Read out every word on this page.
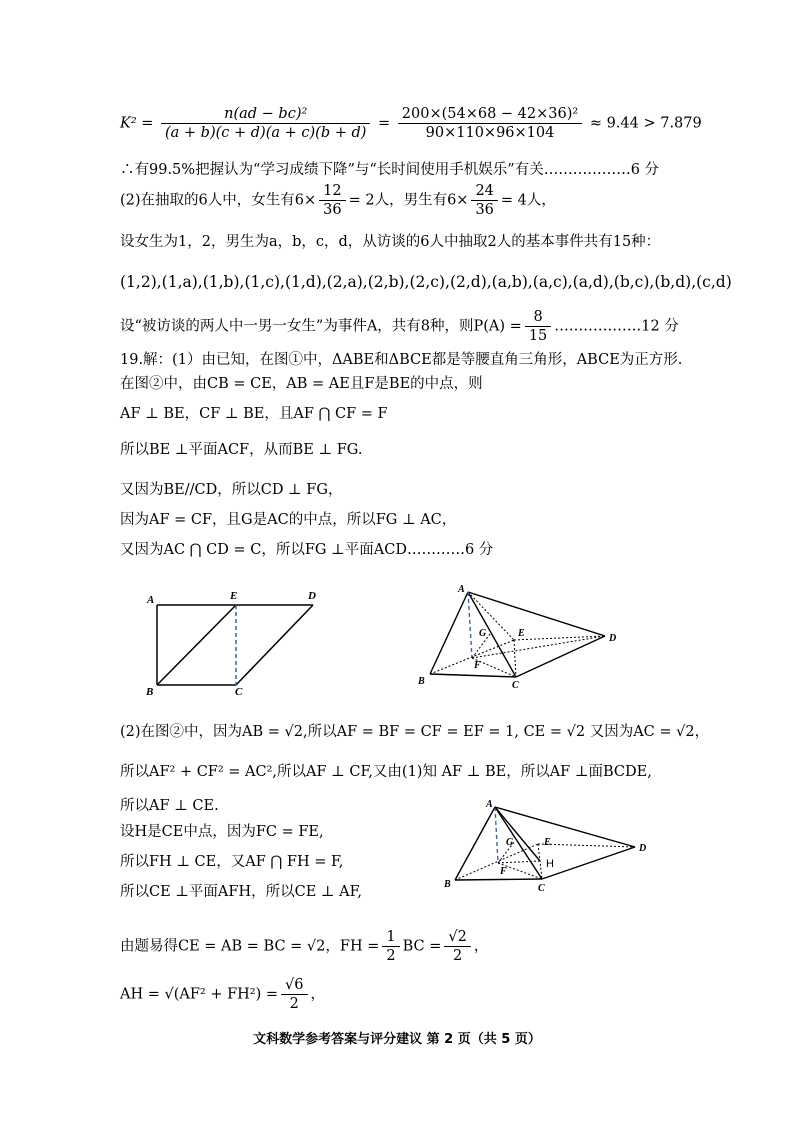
$K^2 = \frac{\text{n(ad − bc)²}}{(a + b)(c + d)(a + c)(b + d)} = \frac{\text{200×(54×68 − 42×36)²}}{90\times 110\times 96\times 104} \approx 9.44 > 7.879$
∴有99.5%把握认为“学习成绩下降”与“长时间使用手机娱乐”有关………………6 分
(2)在抽取的6人中，女生有$6\times \frac{12}{36} = 2$人，男生有$6\times \frac{24}{36} = 4$人，
设女生为1，2，男生为a，b，c，d，从访谈的6人中抽取2人的基本事件共有15种：
(1,2),(1,a),(1,b),(1,c),(1,d),(2,a),(2,b),(2,c),(2,d),(a,b),(a,c),(a,d),(b,c),(b,d),(c,d)
设“被访谈的两人中一男一女生”为事件A，共有8种，则$P(A) = \frac{8}{15}$ ………………12 分
19.解：(1）由已知，在图①中，ΔABE和ΔBCE都是等腰直角三角形，ABCE为正方形.
在图②中，由CB = CE，AB = AE且F是BE的中点，则
AF ⊥ BE，CF ⊥ BE，且AF ⋂ CF = F
所以BE ⊥平面ACF，从而BE ⊥ FG.
又因为BE//CD，所以CD ⊥ FG，
因为AF = CF，且G是AC的中点，所以FG ⊥ AC，
又因为AC ⋂ CD = C，所以FG ⊥平面ACD…………6 分
A	E	D
B	C
A
G	E	D
F
B	C
(2)在图②中，因为AB = √2,所以AF = BF = CF = EF = 1, CE = √2 又因为AC = √2，
所以AF² + CF² = AC²,所以AF ⊥ CF,又由(1)知 AF ⊥ BE，所以AF ⊥面BCDE,
所以AF ⊥ CE.
设H是CE中点，因为FC = FE,
所以FH ⊥ CE，又AF ⋂ FH = F,
所以CE ⊥平面AFH，所以CE ⊥ AF,
A
G	E
D
H
F
B	C
由题易得CE = AB = BC = √2，FH = $\frac{1}{2}$ BC = $\frac{√2}{2}$ ，
AH = $√(AF^2 + FH^2) = \frac{√6}{2}$ ，
文科数学参考答案与评分建议 第 2 页（共 5 页）
